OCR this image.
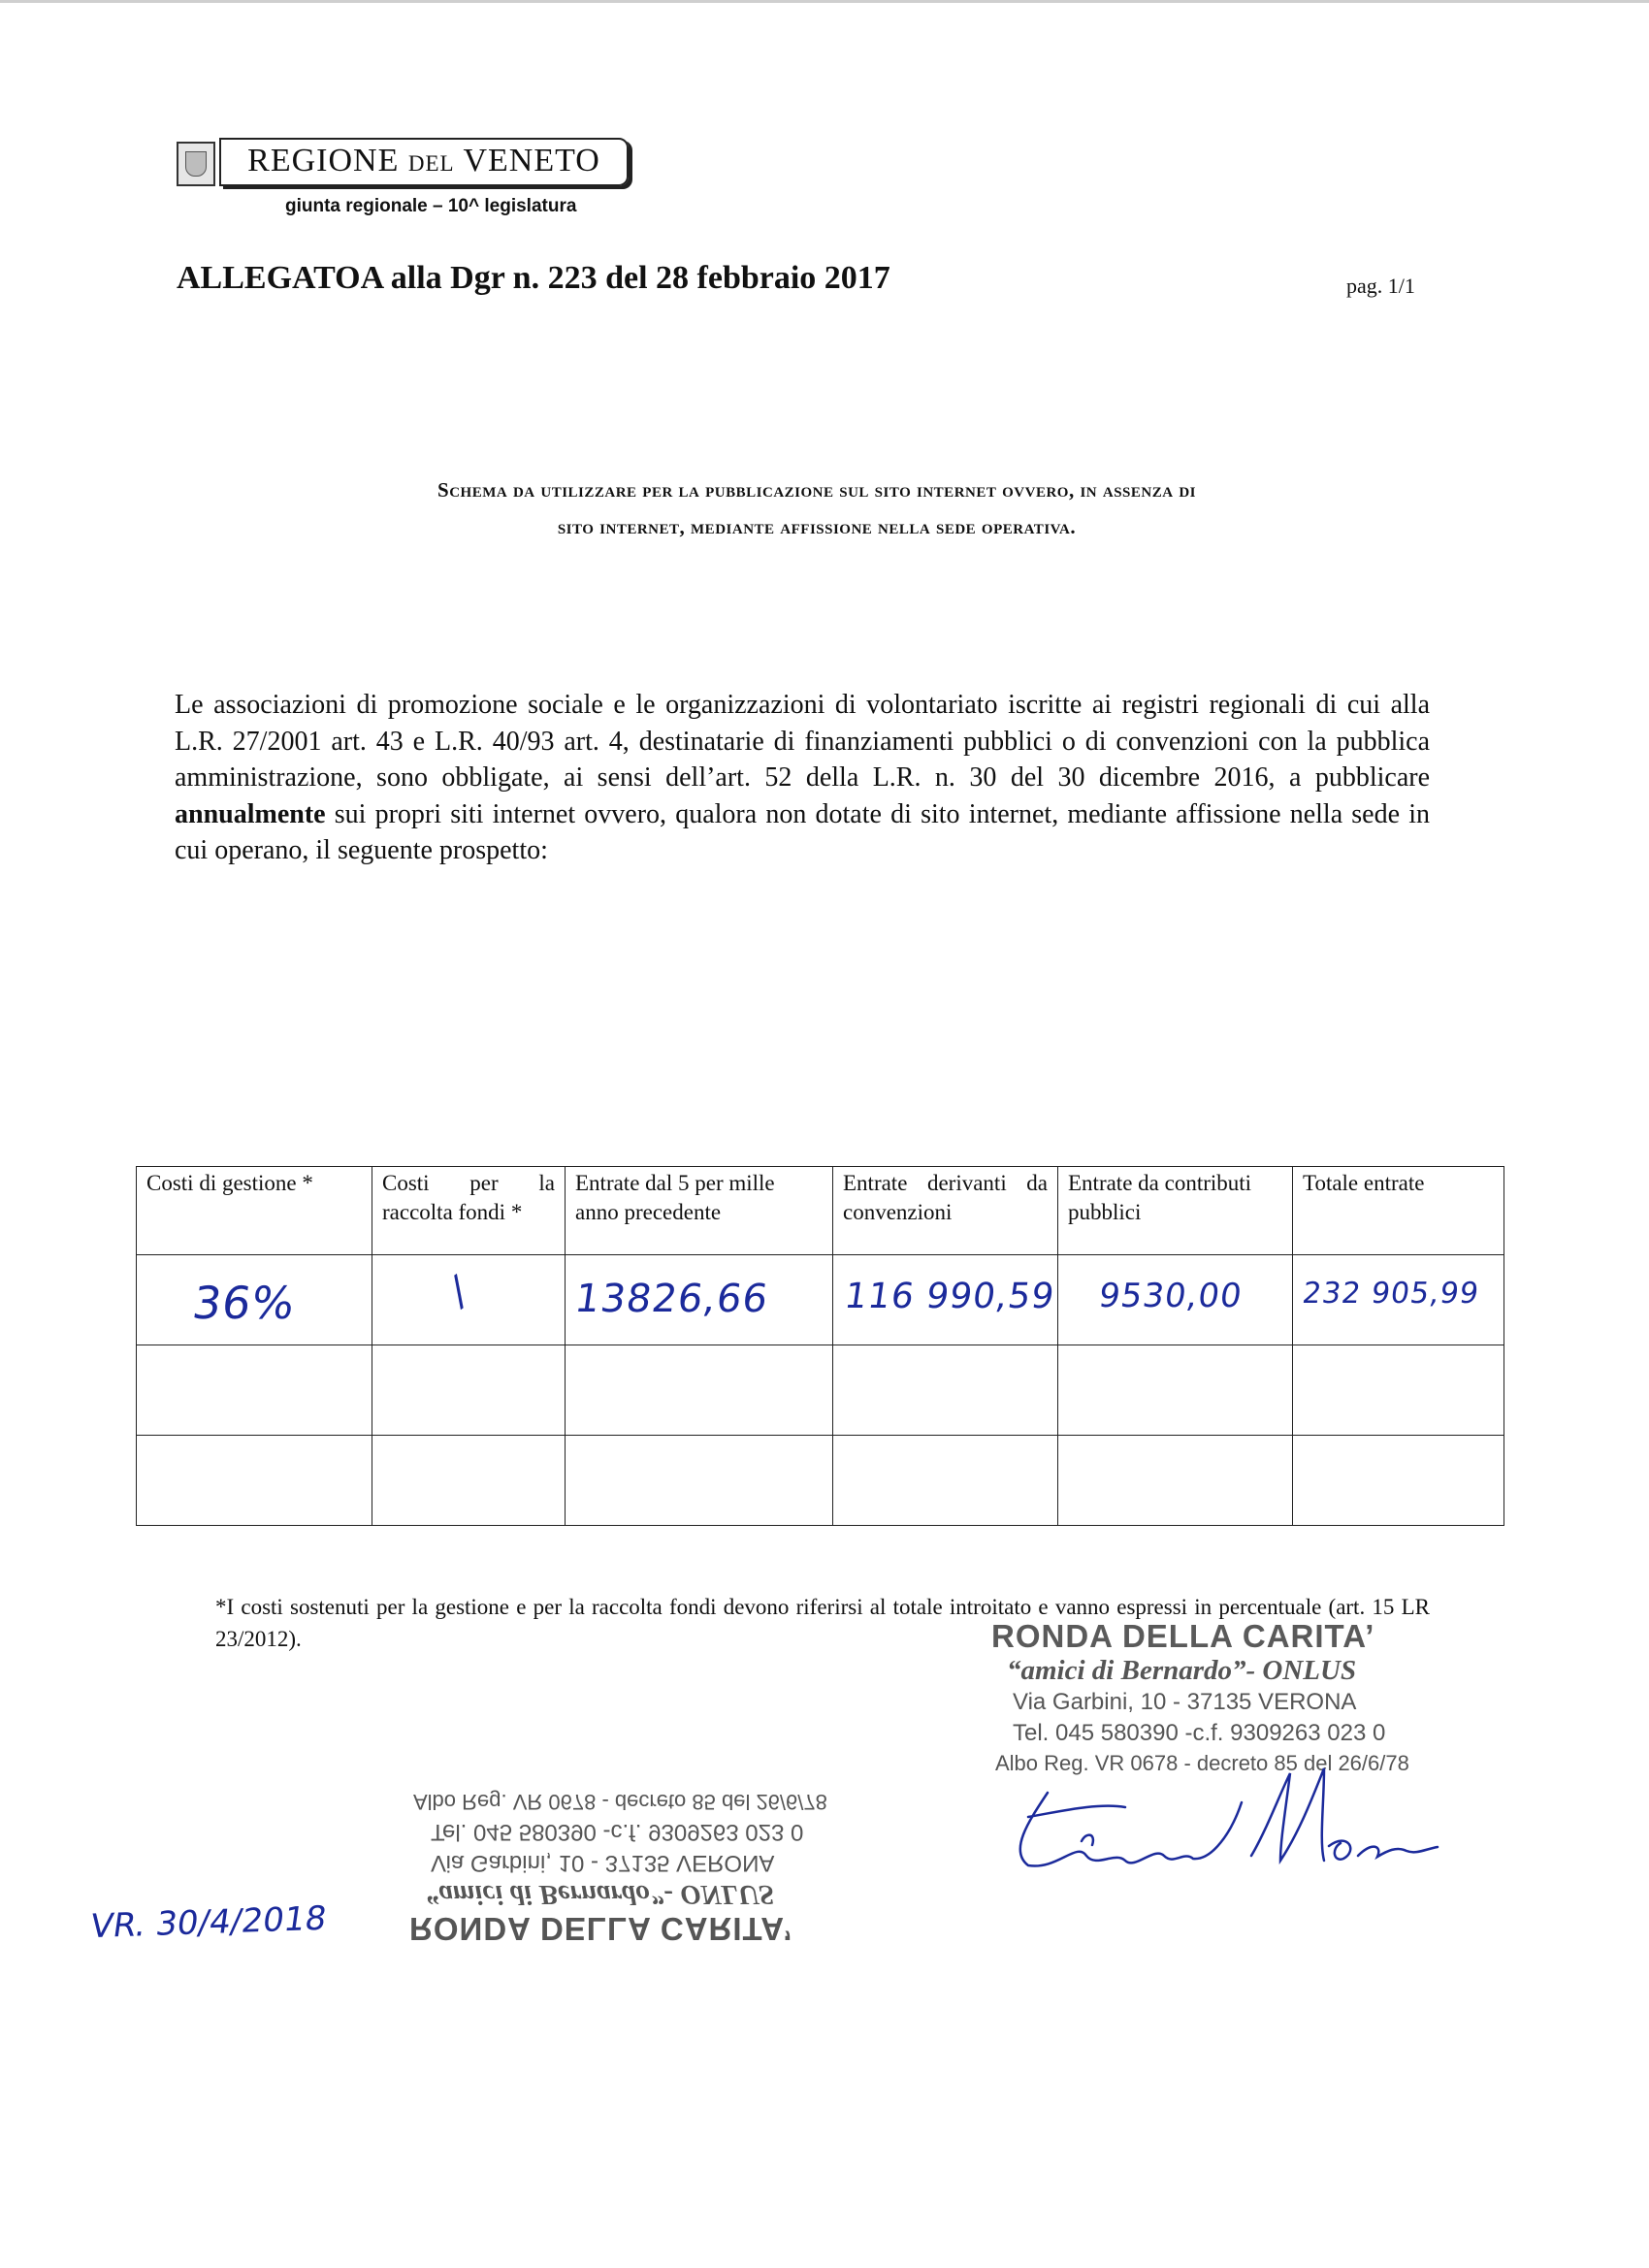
REGIONE DEL VENETO
giunta regionale – 10^ legislatura
ALLEGATOA alla Dgr n. 223 del 28 febbraio 2017	pag. 1/1
Schema da utilizzare per la pubblicazione sul sito internet ovvero, in assenza di
sito internet, mediante affissione nella sede operativa.
Le associazioni di promozione sociale e le organizzazioni di volontariato iscritte ai registri regionali di cui alla L.R. 27/2001 art. 43 e L.R. 40/93 art. 4, destinatarie di finanziamenti pubblici o di convenzioni con la pubblica amministrazione, sono obbligate, ai sensi dell’art. 52 della L.R. n. 30 del 30 dicembre 2016, a pubblicare annualmente sui propri siti internet ovvero, qualora non dotate di sito internet, mediante affissione nella sede in cui operano, il seguente prospetto:
Costi di gestione *	Costi per la raccolta fondi *	Entrate dal 5 per mille anno precedente	Entrate derivanti da convenzioni	Entrate da contributi pubblici	Totale entrate

36%	/	13826,66	116 990,59	9530,00	232 905,99

*I costi sostenuti per la gestione e per la raccolta fondi devono riferirsi al totale introitato e vanno espressi in percentuale (art. 15 LR 23/2012).	RONDA DELLA CARITA’
“amici di Bernardo”- ONLUS
Via Garbini, 10 - 37135 VERONA
Tel. 045 580390 -c.f. 9309263 023 0
Albo Reg. VR 0678 - decreto 85 del 26/6/78
RONDA DELLA CARITA’
“amici di Bernardo”- ONLUS
Via Garbini, 10 - 37135 VERONA
Tel. 045 580390 -c.f. 9309263 023 0
Albo Reg. VR 0678 - decreto 85 del 26/6/78
VR. 30/4/2018
